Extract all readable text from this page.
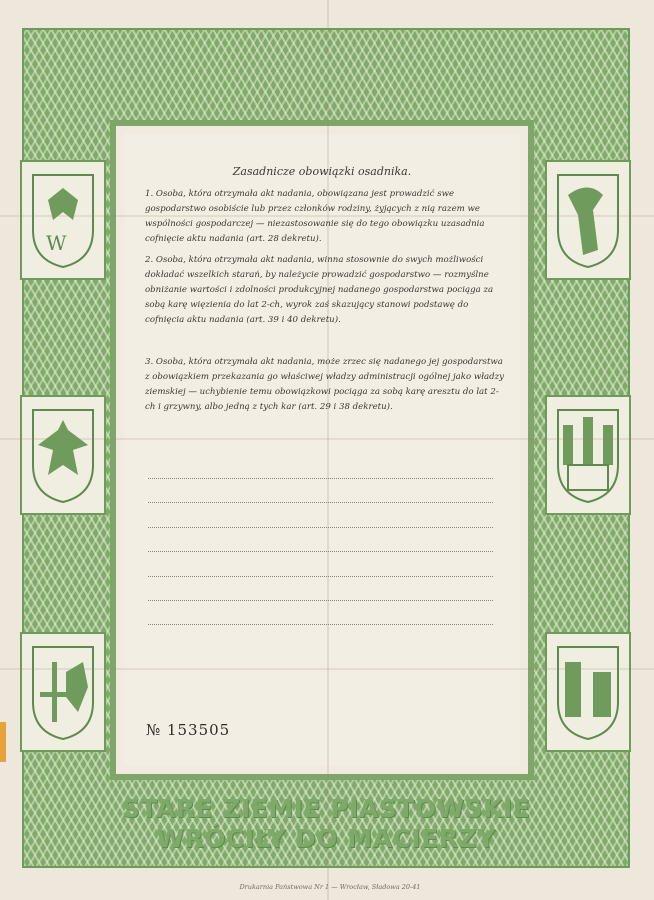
W
Zasadnicze obowiązki osadnika.
1. Osoba, która otrzymała akt nadania, obowiązana jest prowadzić swe gospodarstwo osobiście lub przez członków rodziny, żyjących z nią razem we wspólności gospodarczej — niezastosowanie się do tego obowiązku uzasadnia cofnięcie aktu nadania (art. 28 dekretu).
2. Osoba, która otrzymała akt nadania, winna stosownie do swych możliwości dokładać wszelkich starań, by należycie prowadzić gospodarstwo — rozmyślne obniżanie wartości i zdolności produkcyjnej nadanego gospodarstwa pociąga za sobą karę więzienia do lat 2-ch, wyrok zaś skazujący stanowi podstawę do cofnięcia aktu nadania (art. 39 i 40 dekretu).
3. Osoba, która otrzymała akt nadania, może zrzec się nadanego jej gospodarstwa z obowiązkiem przekazania go właściwej władzy administracji ogólnej jako władzy ziemskiej — uchybienie temu obowiązkowi pociąga za sobą karę aresztu do lat 2-ch i grzywny, albo jedną z tych kar (art. 29 i 38 dekretu).
№ 153505
STARE ZIEMIE PIASTOWSKIE
WRÓCIŁY DO MACIERZY
Drukarnia Państwowa Nr 1 — Wrocław, Sładowa 20-41
